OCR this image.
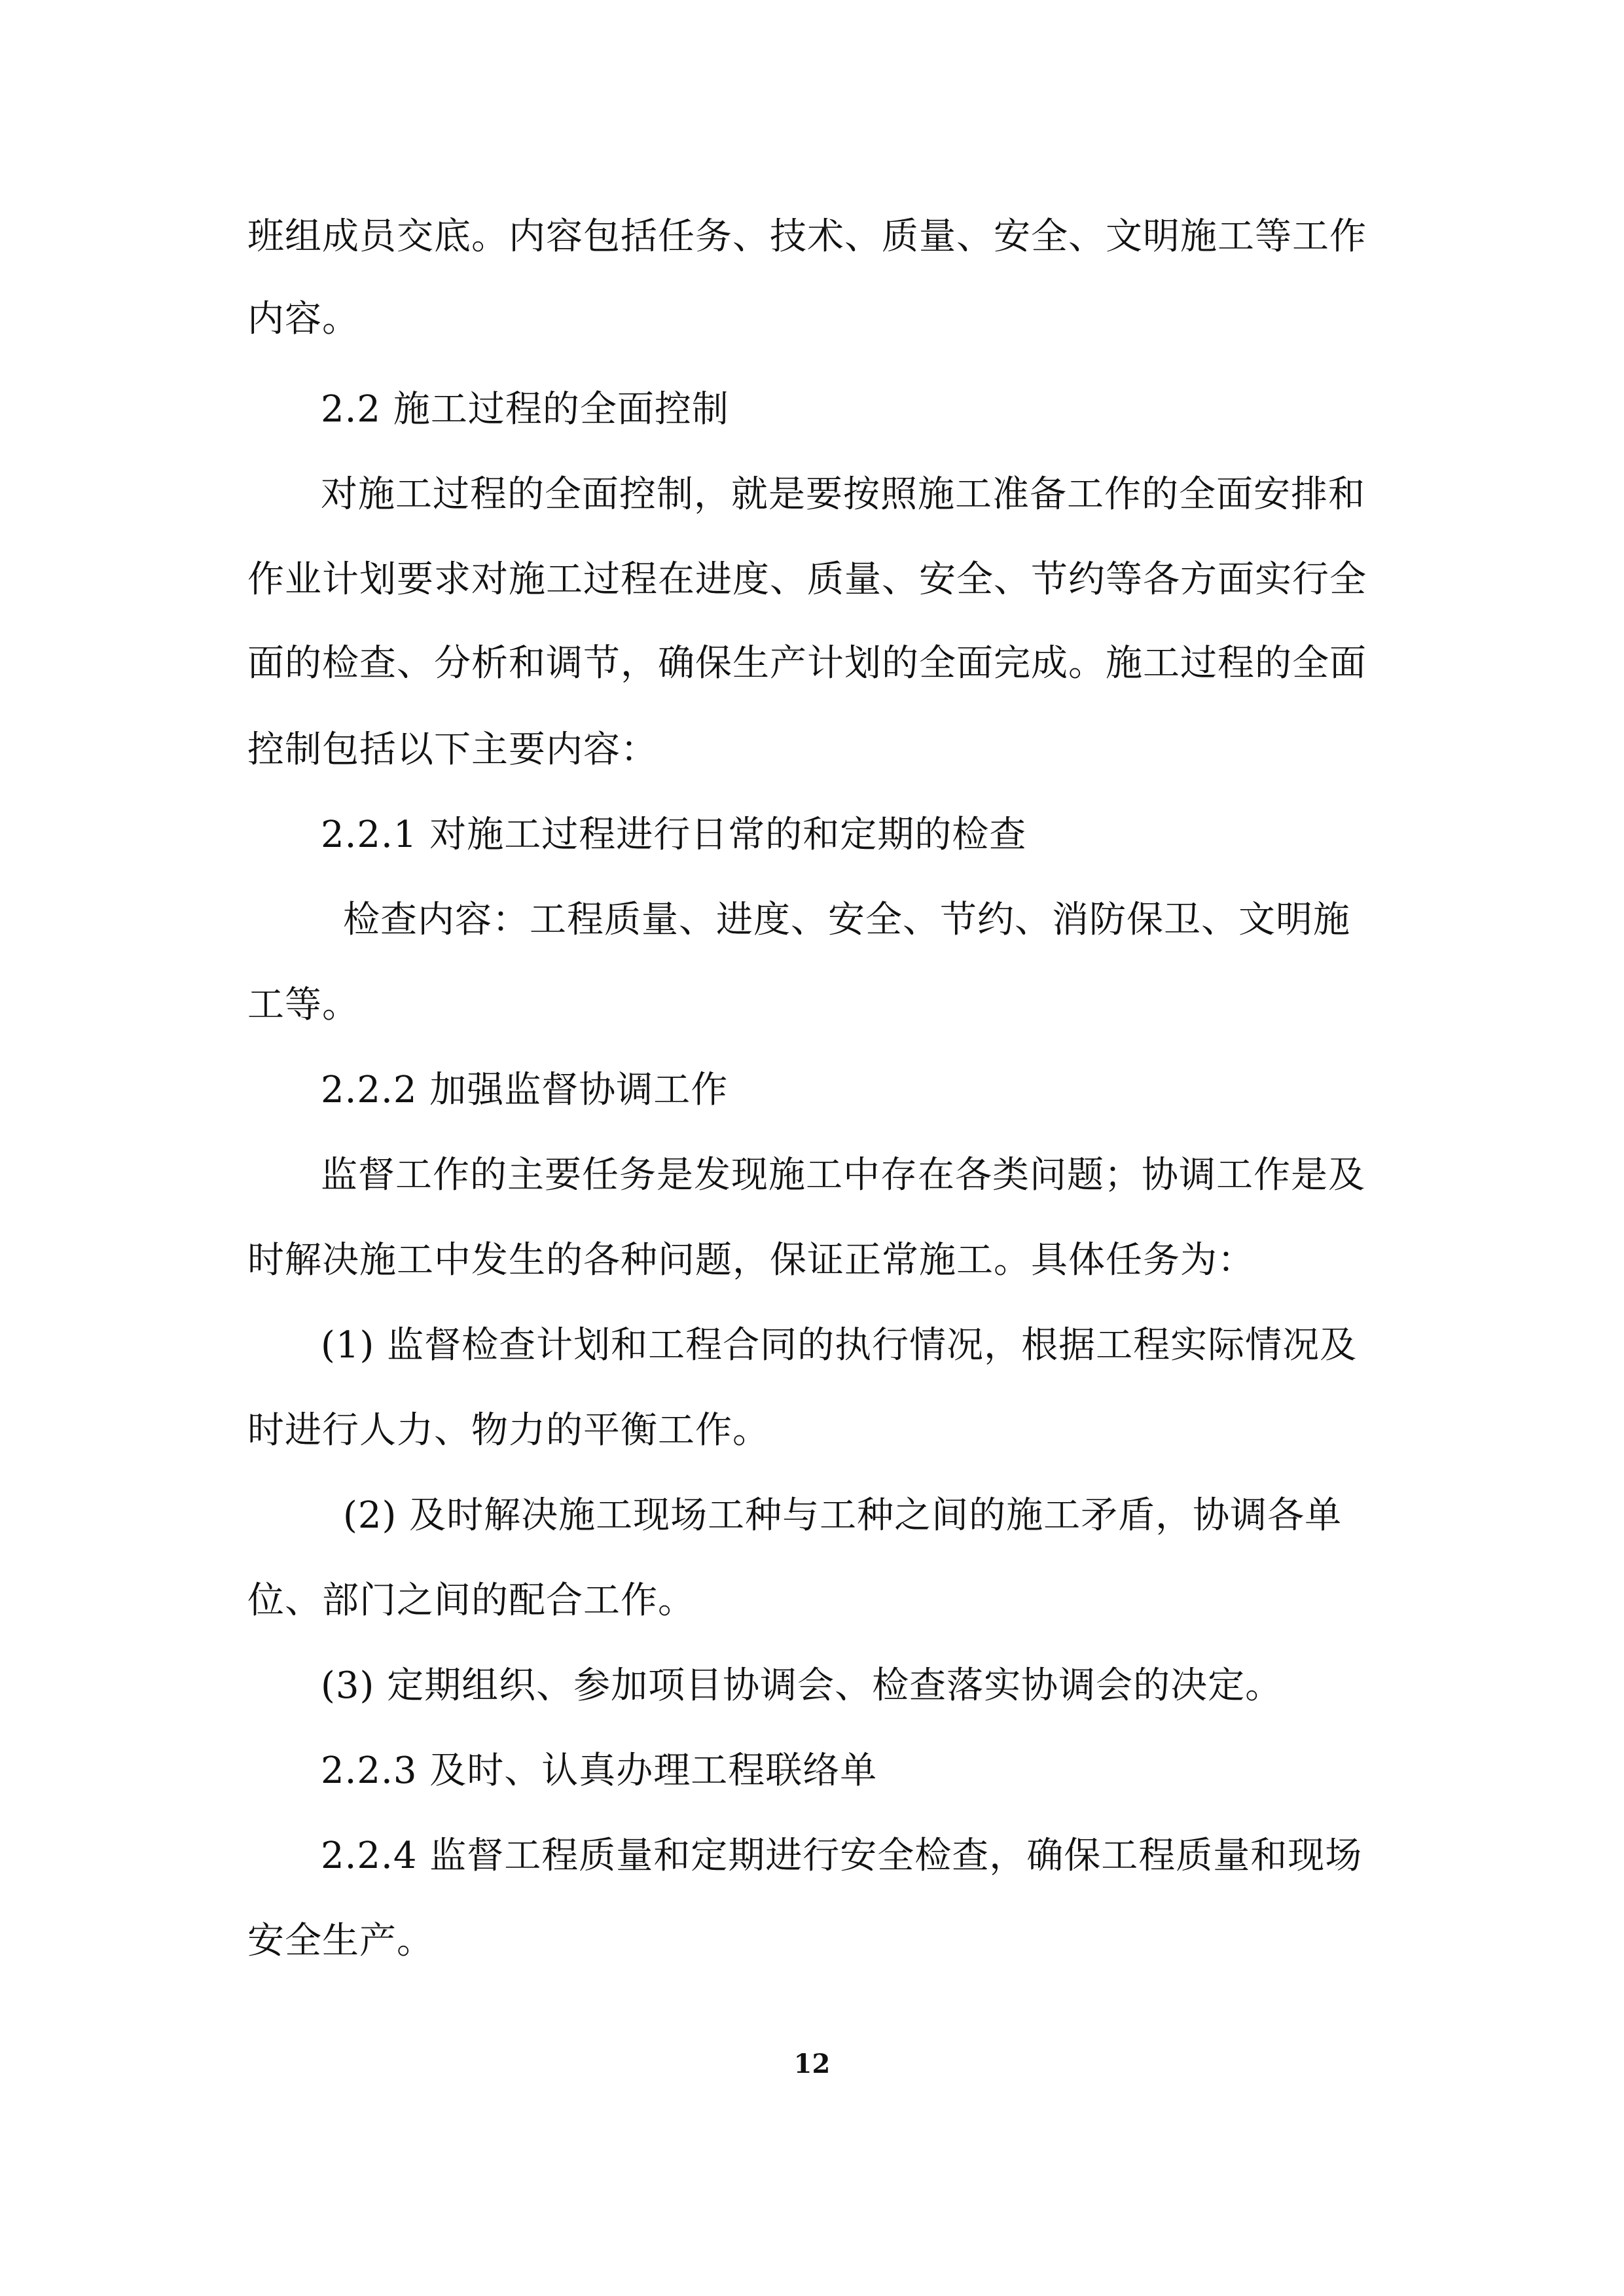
班组成员交底。内容包括任务、技术、质量、安全、文明施工等工作
内容。
2.2 施工过程的全面控制
对施工过程的全面控制，就是要按照施工准备工作的全面安排和
作业计划要求对施工过程在进度、质量、安全、节约等各方面实行全
面的检查、分析和调节，确保生产计划的全面完成。施工过程的全面
控制包括以下主要内容：
2.2.1 对施工过程进行日常的和定期的检查
检查内容：工程质量、进度、安全、节约、消防保卫、文明施
工等。
2.2.2 加强监督协调工作
监督工作的主要任务是发现施工中存在各类问题；协调工作是及
时解决施工中发生的各种问题，保证正常施工。具体任务为：
(1) 监督检查计划和工程合同的执行情况，根据工程实际情况及
时进行人力、物力的平衡工作。
(2) 及时解决施工现场工种与工种之间的施工矛盾，协调各单
位、部门之间的配合工作。
(3) 定期组织、参加项目协调会、检查落实协调会的决定。
2.2.3 及时、认真办理工程联络单
2.2.4 监督工程质量和定期进行安全检查，确保工程质量和现场
安全生产。
12
